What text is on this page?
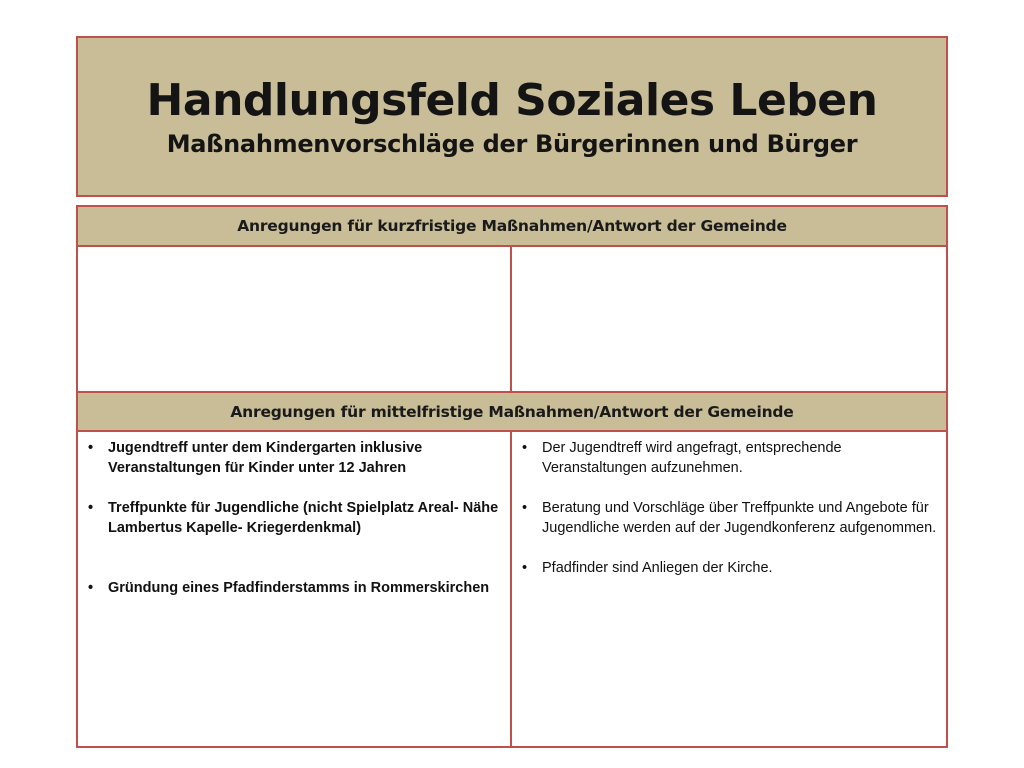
Handlungsfeld Soziales Leben
Maßnahmenvorschläge der Bürgerinnen und Bürger
Anregungen für kurzfristige Maßnahmen/Antwort der Gemeinde
Anregungen für mittelfristige Maßnahmen/Antwort der Gemeinde
• Jugendtreff unter dem Kindergarten inklusive Veranstaltungen für Kinder unter 12 Jahren
• Treffpunkte für Jugendliche (nicht Spielplatz Areal- Nähe Lambertus Kapelle- Kriegerdenkmal)
• Gründung eines Pfadfinderstamms in Rommerskirchen
• Der Jugendtreff wird angefragt, entsprechende Veranstaltungen aufzunehmen.
• Beratung und Vorschläge über Treffpunkte und Angebote für Jugendliche werden auf der Jugendkonferenz aufgenommen.
• Pfadfinder sind Anliegen der Kirche.
